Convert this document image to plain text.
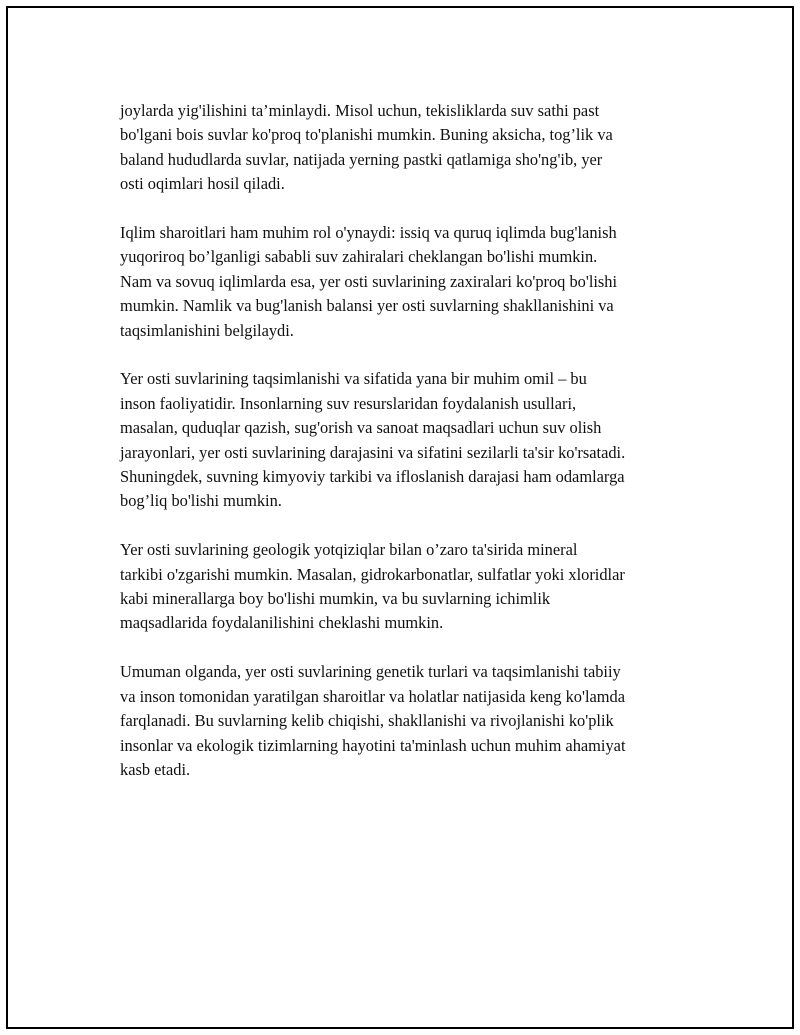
joylarda yig'ilishini ta’minlaydi. Misol uchun, tekisliklarda suv sathi past
bo'lgani bois suvlar ko'proq to'planishi mumkin. Buning aksicha, tog’lik va
baland hududlarda suvlar, natijada yerning pastki qatlamiga sho'ng'ib, yer
osti oqimlari hosil qiladi.

Iqlim sharoitlari ham muhim rol o'ynaydi: issiq va quruq iqlimda bug'lanish
yuqoriroq bo’lganligi sababli suv zahiralari cheklangan bo'lishi mumkin.
Nam va sovuq iqlimlarda esa, yer osti suvlarining zaxiralari ko'proq bo'lishi
mumkin. Namlik va bug'lanish balansi yer osti suvlarning shakllanishini va
taqsimlanishini belgilaydi.

Yer osti suvlarining taqsimlanishi va sifatida yana bir muhim omil – bu
inson faoliyatidir. Insonlarning suv resurslaridan foydalanish usullari,
masalan, quduqlar qazish, sug'orish va sanoat maqsadlari uchun suv olish
jarayonlari, yer osti suvlarining darajasini va sifatini sezilarli ta'sir ko'rsatadi.
Shuningdek, suvning kimyoviy tarkibi va ifloslanish darajasi ham odamlarga
bog’liq bo'lishi mumkin.

Yer osti suvlarining geologik yotqiziqlar bilan o’zaro ta'sirida mineral
tarkibi o'zgarishi mumkin. Masalan, gidrokarbonatlar, sulfatlar yoki xloridlar
kabi minerallarga boy bo'lishi mumkin, va bu suvlarning ichimlik
maqsadlarida foydalanilishini cheklashi mumkin.

Umuman olganda, yer osti suvlarining genetik turlari va taqsimlanishi tabiiy
va inson tomonidan yaratilgan sharoitlar va holatlar natijasida keng ko'lamda
farqlanadi. Bu suvlarning kelib chiqishi, shakllanishi va rivojlanishi ko'plik
insonlar va ekologik tizimlarning hayotini ta'minlash uchun muhim ahamiyat
kasb etadi.
